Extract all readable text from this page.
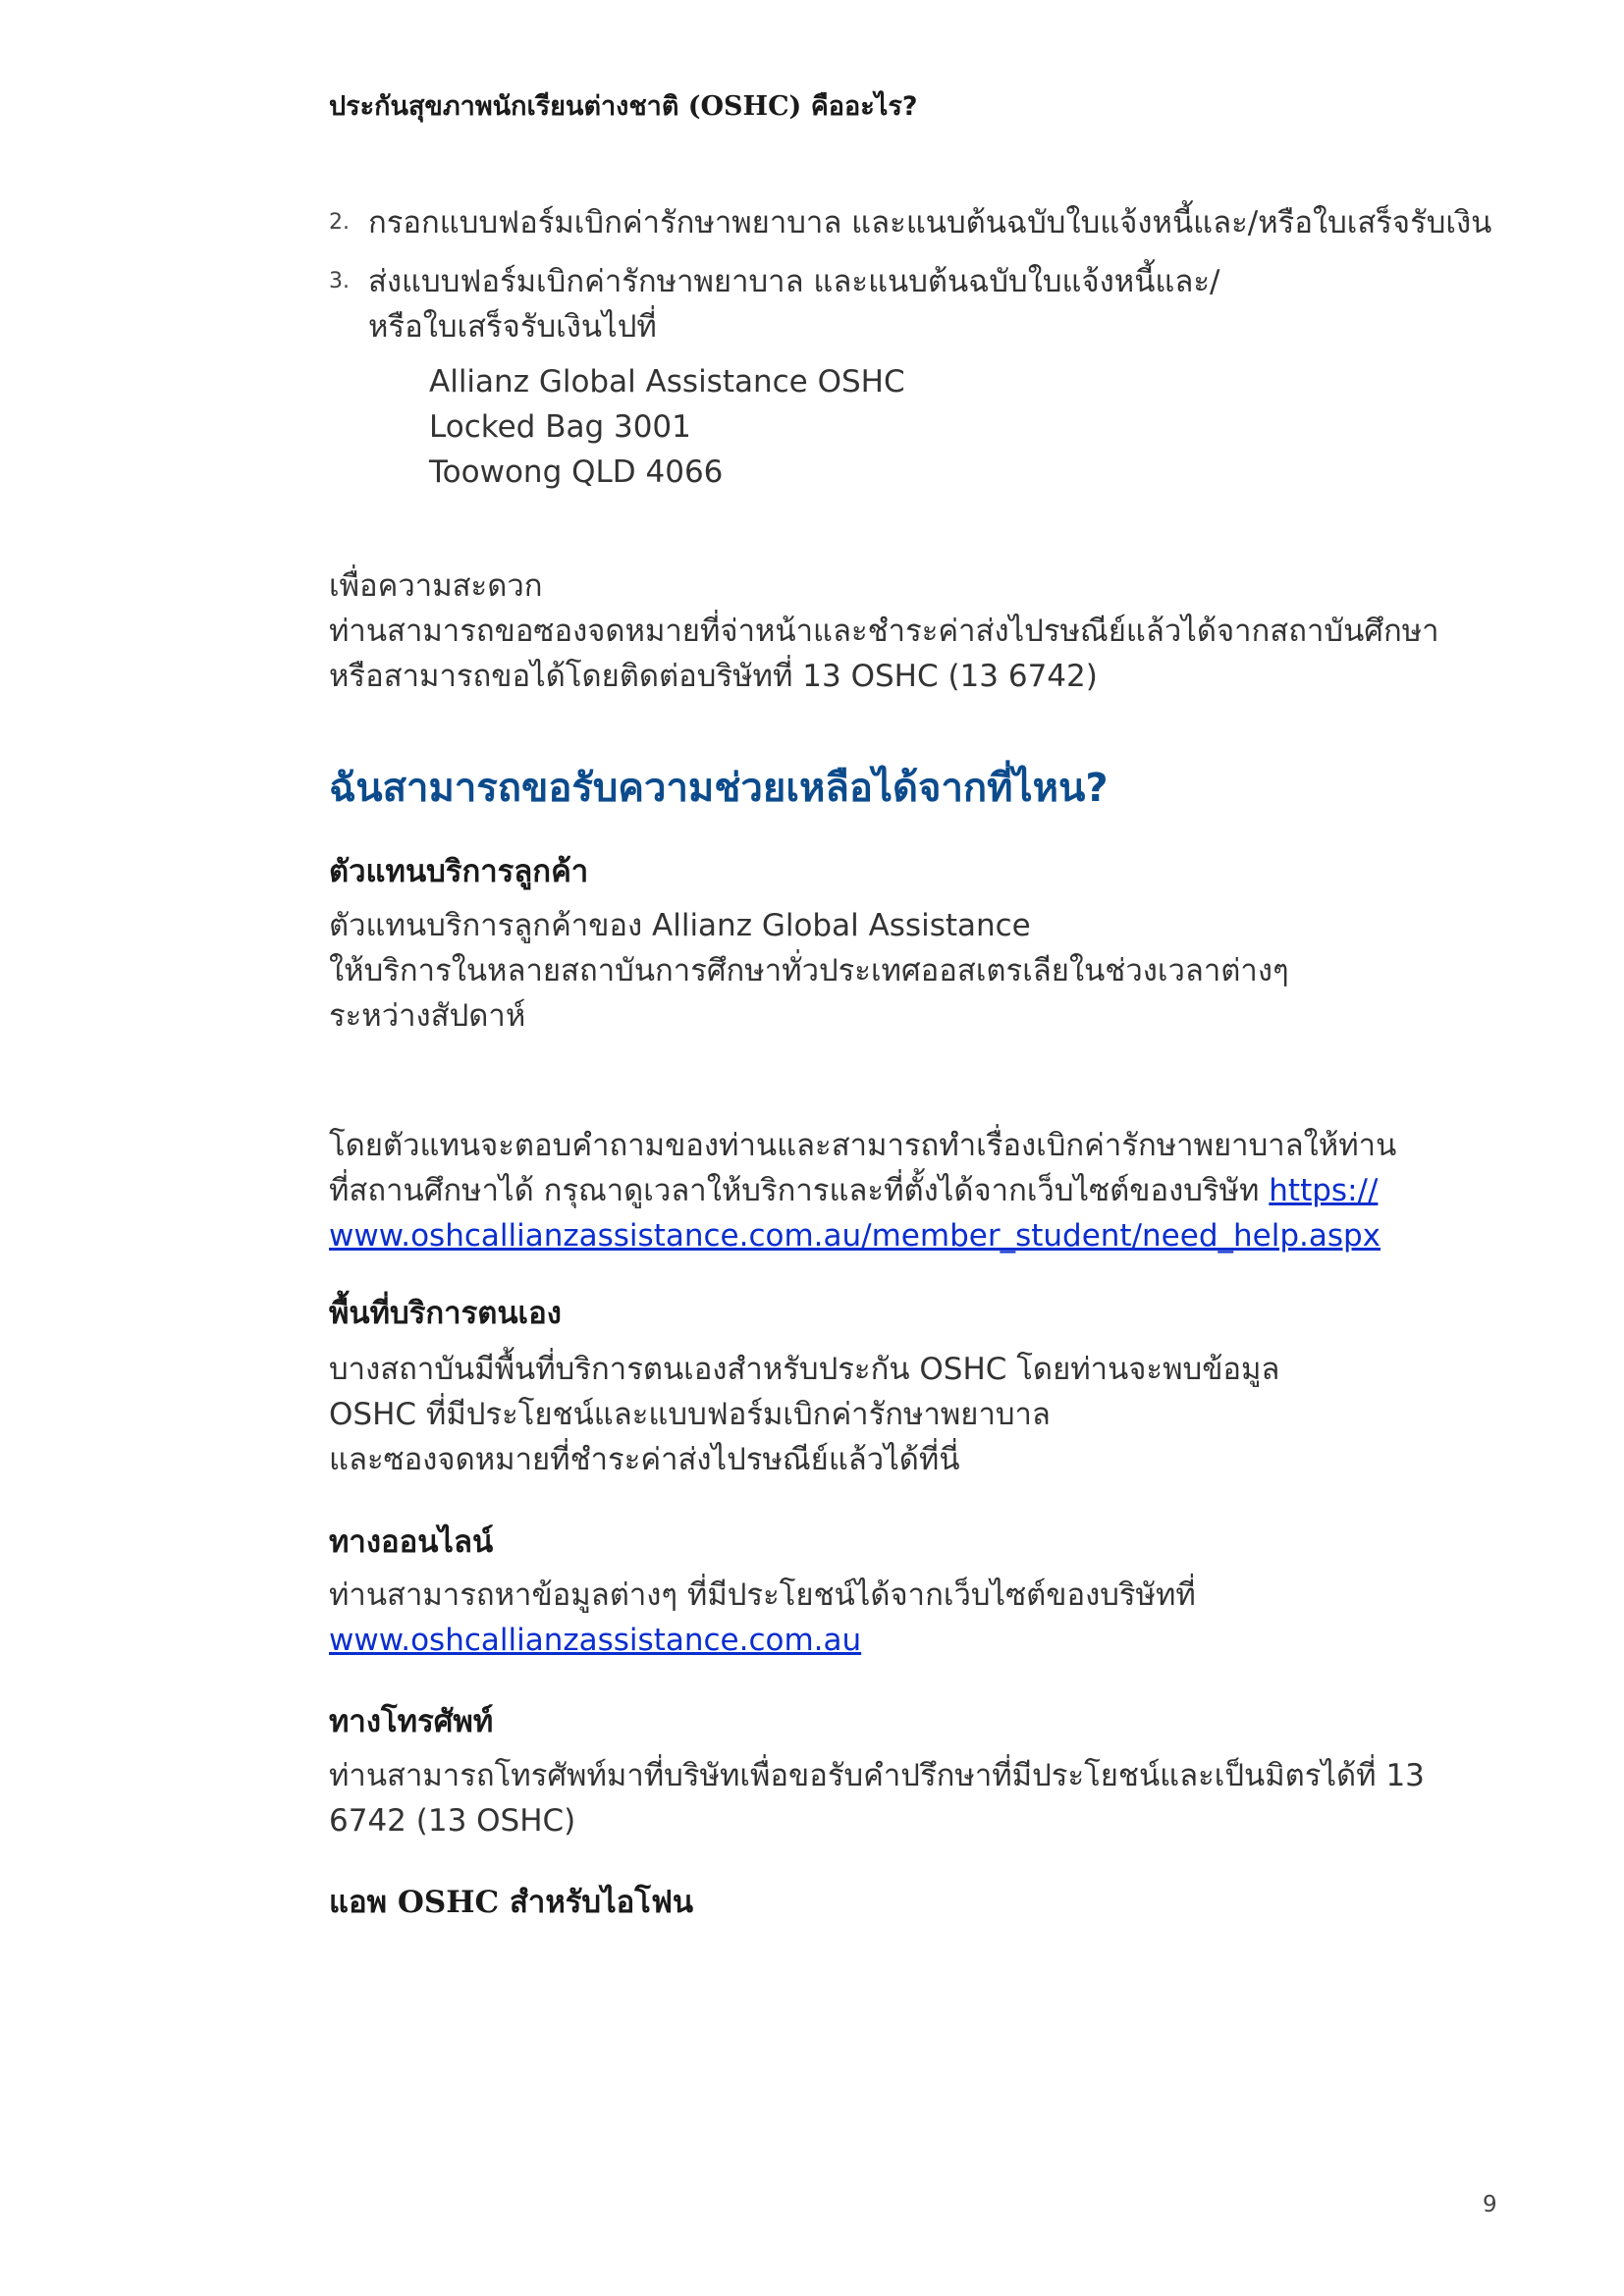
ประกันสุขภาพนักเรียนต่างชาติ (OSHC) คืออะไร?
2. กรอกแบบฟอร์มเบิกค่ารักษาพยาบาล และแนบต้นฉบับใบแจ้งหนี้และ/หรือใบเสร็จรับเงิน
3. ส่งแบบฟอร์มเบิกค่ารักษาพยาบาล และแนบต้นฉบับใบแจ้งหนี้และ/
หรือใบเสร็จรับเงินไปที่
Allianz Global Assistance OSHC
Locked Bag 3001
Toowong QLD 4066
เพื่อความสะดวก
ท่านสามารถขอซองจดหมายที่จ่าหน้าและชำระค่าส่งไปรษณีย์แล้วได้จากสถาบันศึกษา
หรือสามารถขอได้โดยติดต่อบริษัทที่ 13 OSHC (13 6742)
ฉันสามารถขอรับความช่วยเหลือได้จากที่ไหน?
ตัวแทนบริการลูกค้า
ตัวแทนบริการลูกค้าของ Allianz Global Assistance
ให้บริการในหลายสถาบันการศึกษาทั่วประเทศออสเตรเลียในช่วงเวลาต่างๆ
ระหว่างสัปดาห์
โดยตัวแทนจะตอบคำถามของท่านและสามารถทำเรื่องเบิกค่ารักษาพยาบาลให้ท่าน
ที่สถานศึกษาได้ กรุณาดูเวลาให้บริการและที่ตั้งได้จากเว็บไซต์ของบริษัท https://
www.oshcallianzassistance.com.au/member_student/need_help.aspx
พื้นที่บริการตนเอง
บางสถาบันมีพื้นที่บริการตนเองสำหรับประกัน OSHC โดยท่านจะพบข้อมูล
OSHC ที่มีประโยชน์และแบบฟอร์มเบิกค่ารักษาพยาบาล
และซองจดหมายที่ชำระค่าส่งไปรษณีย์แล้วได้ที่นี่
ทางออนไลน์
ท่านสามารถหาข้อมูลต่างๆ ที่มีประโยชน์ได้จากเว็บไซต์ของบริษัทที่
www.oshcallianzassistance.com.au
ทางโทรศัพท์
ท่านสามารถโทรศัพท์มาที่บริษัทเพื่อขอรับคำปรึกษาที่มีประโยชน์และเป็นมิตรได้ที่ 13
6742 (13 OSHC)
แอพ OSHC สำหรับไอโฟน
9
